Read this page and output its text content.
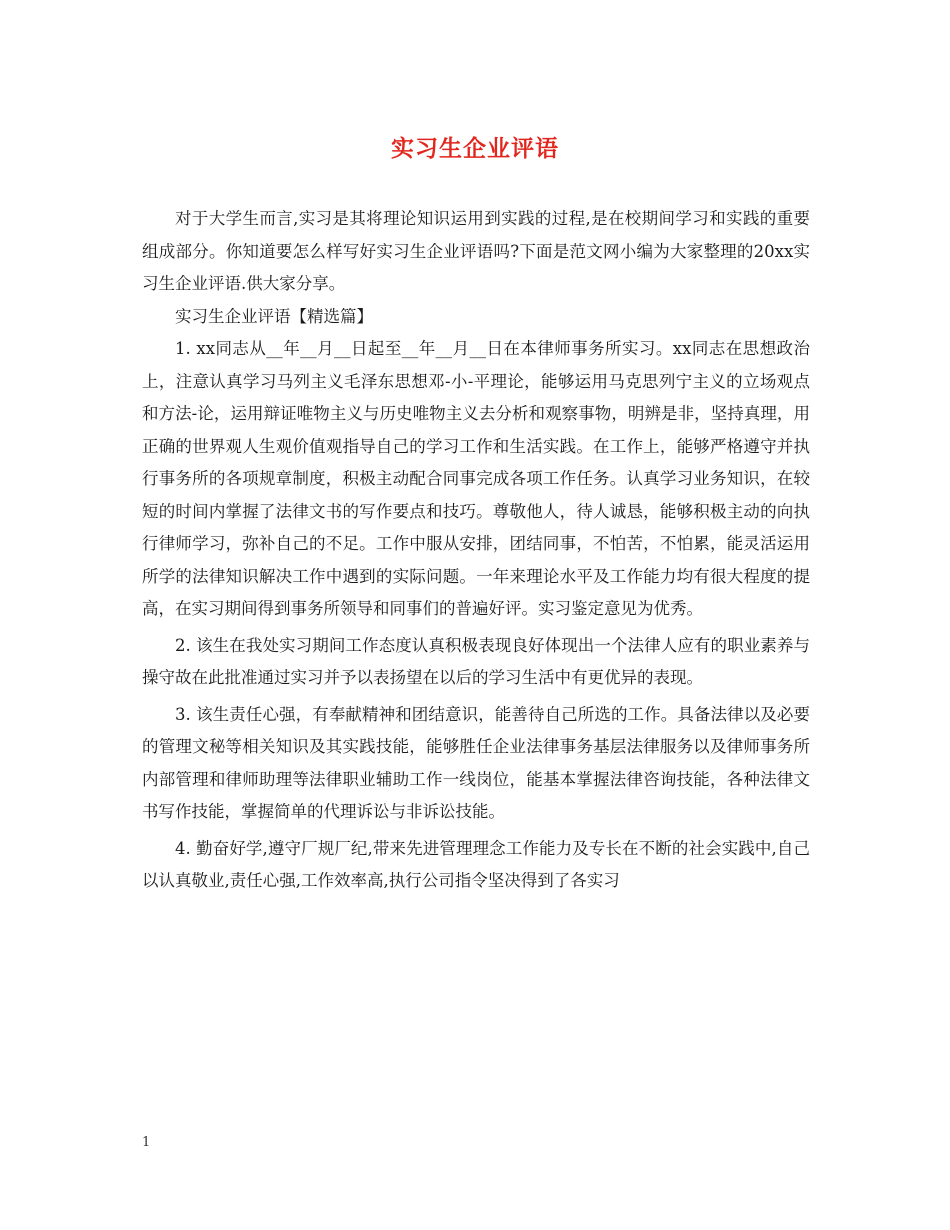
实习生企业评语

对于大学生而言,实习是其将理论知识运用到实践的过程,是在校期间学习和实践的重要组成部分。你知道要怎么样写好实习生企业评语吗?下面是范文网小编为大家整理的20xx实习生企业评语.供大家分享。

实习生企业评语【精选篇】

1. xx同志从__年__月__日起至__年__月__日在本律师事务所实习。xx同志在思想政治上，注意认真学习马列主义毛泽东思想邓-小-平理论，能够运用马克思列宁主义的立场观点和方法-论，运用辩证唯物主义与历史唯物主义去分析和观察事物，明辨是非，坚持真理，用正确的世界观人生观价值观指导自己的学习工作和生活实践。在工作上，能够严格遵守并执行事务所的各项规章制度，积极主动配合同事完成各项工作任务。认真学习业务知识，在较短的时间内掌握了法律文书的写作要点和技巧。尊敬他人，待人诚恳，能够积极主动的向执行律师学习，弥补自己的不足。工作中服从安排，团结同事，不怕苦，不怕累，能灵活运用所学的法律知识解决工作中遇到的实际问题。一年来理论水平及工作能力均有很大程度的提高，在实习期间得到事务所领导和同事们的普遍好评。实习鉴定意见为优秀。

2. 该生在我处实习期间工作态度认真积极表现良好体现出一个法律人应有的职业素养与操守故在此批准通过实习并予以表扬望在以后的学习生活中有更优异的表现。

3. 该生责任心强，有奉献精神和团结意识，能善待自己所选的工作。具备法律以及必要的管理文秘等相关知识及其实践技能，能够胜任企业法律事务基层法律服务以及律师事务所内部管理和律师助理等法律职业辅助工作一线岗位，能基本掌握法律咨询技能，各种法律文书写作技能，掌握简单的代理诉讼与非诉讼技能。

4. 勤奋好学,遵守厂规厂纪,带来先进管理理念工作能力及专长在不断的社会实践中,自己以认真敬业,责任心强,工作效率高,执行公司指令坚决得到了各实习

1
